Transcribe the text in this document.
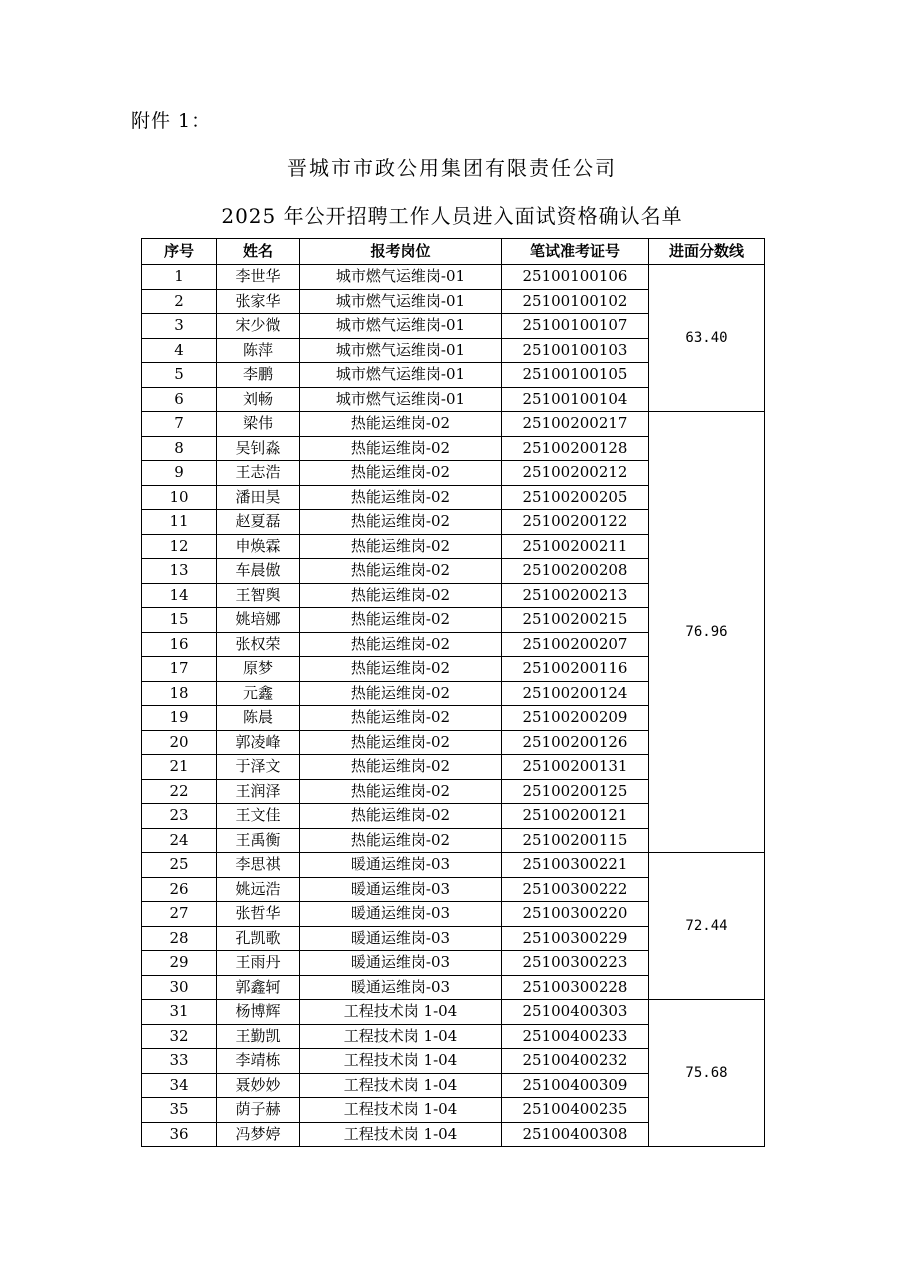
附件 1：
晋城市市政公用集团有限责任公司
2025 年公开招聘工作人员进入面试资格确认名单
序号	姓名	报考岗位	笔试准考证号	进面分数线
1	李世华	城市燃气运维岗-01	25100100106	63.40
2	张家华	城市燃气运维岗-01	25100100102	
3	宋少微	城市燃气运维岗-01	25100100107	
4	陈萍	城市燃气运维岗-01	25100100103	
5	李鹏	城市燃气运维岗-01	25100100105	
6	刘畅	城市燃气运维岗-01	25100100104	
7	梁伟	热能运维岗-02	25100200217	76.96
8	吴钊淼	热能运维岗-02	25100200128	
9	王志浩	热能运维岗-02	25100200212	
10	潘田昊	热能运维岗-02	25100200205	
11	赵夏磊	热能运维岗-02	25100200122	
12	申焕霖	热能运维岗-02	25100200211	
13	车晨傲	热能运维岗-02	25100200208	
14	王智舆	热能运维岗-02	25100200213	
15	姚培娜	热能运维岗-02	25100200215	
16	张权荣	热能运维岗-02	25100200207	
17	原梦	热能运维岗-02	25100200116	
18	元鑫	热能运维岗-02	25100200124	
19	陈晨	热能运维岗-02	25100200209	
20	郭凌峰	热能运维岗-02	25100200126	
21	于泽文	热能运维岗-02	25100200131	
22	王润泽	热能运维岗-02	25100200125	
23	王文佳	热能运维岗-02	25100200121	
24	王禹衡	热能运维岗-02	25100200115	
25	李思祺	暖通运维岗-03	25100300221	72.44
26	姚远浩	暖通运维岗-03	25100300222	
27	张哲华	暖通运维岗-03	25100300220	
28	孔凯歌	暖通运维岗-03	25100300229	
29	王雨丹	暖通运维岗-03	25100300223	
30	郭鑫轲	暖通运维岗-03	25100300228	
31	杨博辉	工程技术岗 1-04	25100400303	75.68
32	王勤凯	工程技术岗 1-04	25100400233	
33	李靖栋	工程技术岗 1-04	25100400232	
34	聂妙妙	工程技术岗 1-04	25100400309	
35	荫子赫	工程技术岗 1-04	25100400235	
36	冯梦婷	工程技术岗 1-04	25100400308	
